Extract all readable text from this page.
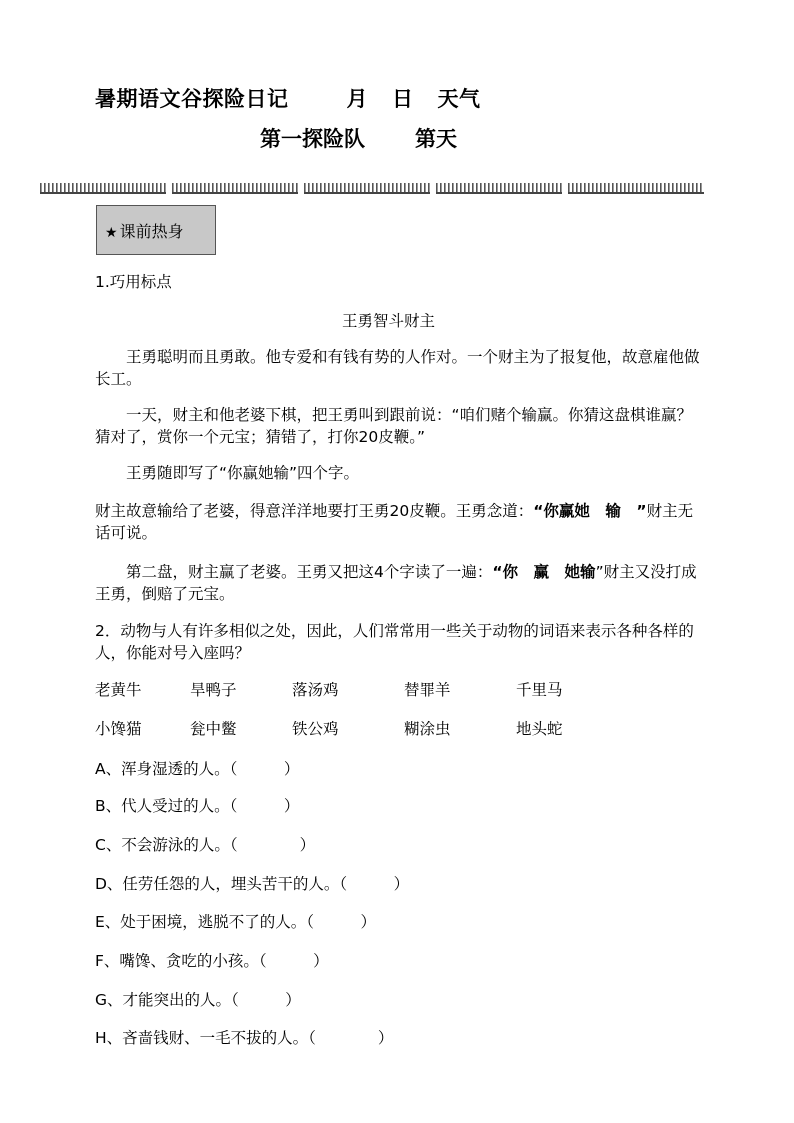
暑期语文谷探险日记	月 日 天气
第一探险队 第天
★ 课前热身
1.巧用标点
王勇智斗财主
　　王勇聪明而且勇敢。他专爱和有钱有势的人作对。一个财主为了报复他，故意雇他做长工。
　　一天，财主和他老婆下棋，把王勇叫到跟前说：“咱们赌个输赢。你猜这盘棋谁赢？猜对了，赏你一个元宝；猜错了，打你20皮鞭。”
　　王勇随即写了“你赢她输”四个字。
财主故意输给了老婆，得意洋洋地要打王勇20皮鞭。王勇念道：“你赢她　输　”财主无话可说。
　　第二盘，财主赢了老婆。王勇又把这4个字读了一遍：“你　赢　她输”财主又没打成王勇，倒赔了元宝。
2．动物与人有许多相似之处，因此，人们常常用一些关于动物的词语来表示各种各样的人，你能对号入座吗？
老黄牛	旱鸭子	落汤鸡	替罪羊	千里马
小馋猫	瓮中鳖	铁公鸡	糊涂虫	地头蛇
A、浑身湿透的人。（　　　）
B、代人受过的人。（　　　）
C、不会游泳的人。（　　　　）
D、任劳任怨的人，埋头苦干的人。（　　　）
E、处于困境，逃脱不了的人。（　　　）
F、嘴馋、贪吃的小孩。（　　　）
G、才能突出的人。（　　　）
H、吝啬钱财、一毛不拔的人。（　　　　）
